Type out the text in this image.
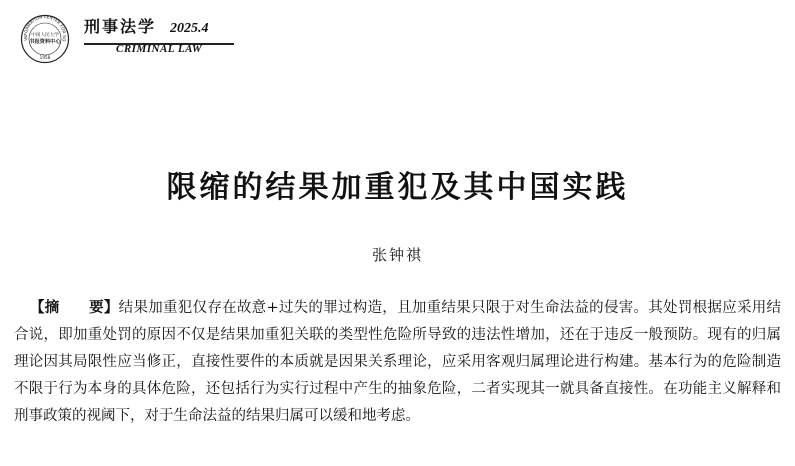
INFORMATION CENTER FOR SO
中国人民大学
书报资料中心
1958
刑事法学 2025.4
CRIMINAL LAW
限缩的结果加重犯及其中国实践
张钟祺
【摘　　要】结果加重犯仅存在故意+过失的罪过构造，且加重结果只限于对生命法益的侵害。其处罚根据应采用结合说，即加重处罚的原因不仅是结果加重犯关联的类型性危险所导致的违法性增加，还在于违反一般预防。现有的归属理论因其局限性应当修正，直接性要件的本质就是因果关系理论，应采用客观归属理论进行构建。基本行为的危险制造不限于行为本身的具体危险，还包括行为实行过程中产生的抽象危险，二者实现其一就具备直接性。在功能主义解释和刑事政策的视阈下，对于生命法益的结果归属可以缓和地考虑。
